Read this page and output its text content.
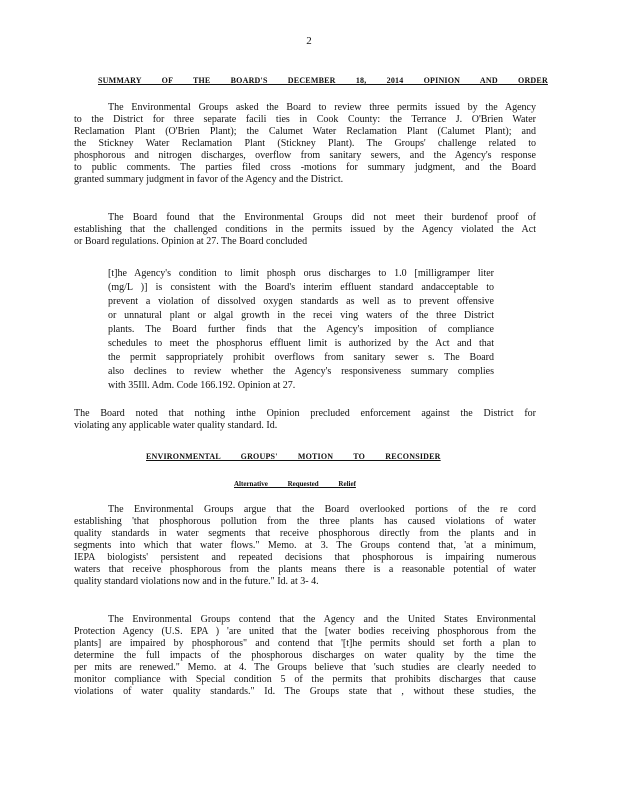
2
SUMMARY OF THE BOARD'S DECEMBER 18, 2014 OPINION AND ORDER
The Environmental Groups asked the Board to review three permits issued by the Agency
to the District for three separate facili ties in Cook County: the Terrance J. O'Brien Water
Reclamation Plant (O'Brien Plant); the Calumet Water Reclamation Plant (Calumet Plant); and
the Stickney Water Reclamation Plant (Stickney Plant). The Groups' challenge related to
phosphorous and nitrogen discharges, overflow from sanitary sewers, and the Agency's response
to public comments. The parties filed cross -motions for summary judgment, and the Board
granted summary judgment in favor of the Agency and the District.
The Board found that the Environmental Groups did not meet their burdenof proof of
establishing that the challenged conditions in the permits issued by the Agency violated the Act
or Board regulations. Opinion at 27. The Board concluded
[t]he Agency's condition to limit phosph orus discharges to 1.0 [milligramper liter
(mg/L )] is consistent with the Board's interim effluent standard andacceptable to
prevent a violation of dissolved oxygen standards as well as to prevent offensive
or unnatural plant or algal growth in the recei ving waters of the three District
plants. The Board further finds that the Agency's imposition of compliance
schedules to meet the phosphorus effluent limit is authorized by the Act and that
the permit sappropriately prohibit overflows from sanitary sewer s. The Board
also declines to review whether the Agency's responsiveness summary complies
with 35Ill. Adm. Code 166.192. Opinion at 27.
The Board noted that nothing inthe Opinion precluded enforcement against the District for
violating any applicable water quality standard. Id.
ENVIRONMENTAL GROUPS' MOTION TO RECONSIDER
Alternative Requested Relief
The Environmental Groups argue that the Board overlooked portions of the re cord
establishing 'that phosphorous pollution from the three plants has caused violations of water
quality standards in water segments that receive phosphorous directly from the plants and in
segments into which that water flows." Memo. at 3. The Groups contend that, 'at a minimum,
IEPA biologists' persistent and repeated decisions that phosphorous is impairing numerous
waters that receive phosphorous from the plants means there is a reasonable potential of water
quality standard violations now and in the future." Id. at 3- 4.
The Environmental Groups contend that the Agency and the United States Environmental
Protection Agency (U.S. EPA ) 'are united that the [water bodies receiving phosphorous from the
plants] are impaired by phosphorous" and contend that '[t]he permits should set forth a plan to
determine the full impacts of the phosphorous discharges on water quality by the time the
per mits are renewed." Memo. at 4. The Groups believe that 'such studies are clearly needed to
monitor compliance with Special condition 5 of the permits that prohibits discharges that cause
violations of water quality standards." Id. The Groups state that , without these studies, the
